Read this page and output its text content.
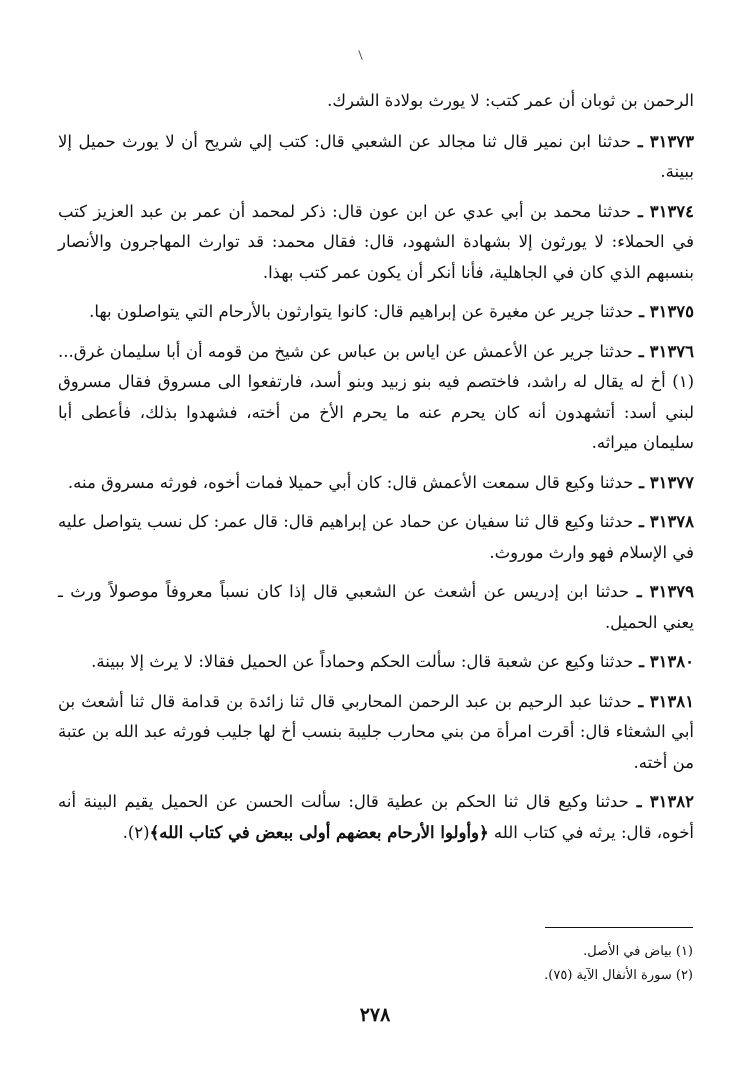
الرحمن بن ثوبان أن عمر كتب: لا يورث بولادة الشرك.

٣١٣٧٣ ـ حدثنا ابن نمير قال ثنا مجالد عن الشعبي قال: كتب إلي شريح أن لا يورث حميل إلا ببينة.

٣١٣٧٤ ـ حدثنا محمد بن أبي عدي عن ابن عون قال: ذكر لمحمد أن عمر بن عبد العزيز كتب في الحملاء: لا يورثون إلا بشهادة الشهود، قال: فقال محمد: قد توارث المهاجرون والأنصار بنسبهم الذي كان في الجاهلية، فأنا أنكر أن يكون عمر كتب بهذا.

٣١٣٧٥ ـ حدثنا جرير عن مغيرة عن إبراهيم قال: كانوا يتوارثون بالأرحام التي يتواصلون بها.

٣١٣٧٦ ـ حدثنا جرير عن الأعمش عن اياس بن عباس عن شيخ من قومه أن أبا سليمان غرق... (١) أخ له يقال له راشد، فاختصم فيه بنو زبيد وبنو أسد، فارتفعوا الى مسروق فقال مسروق لبني أسد: أتشهدون أنه كان يحرم عنه ما يحرم الأخ من أخته، فشهدوا بذلك، فأعطى أبا سليمان ميراثه.

٣١٣٧٧ ـ حدثنا وكيع قال سمعت الأعمش قال: كان أبي حميلا فمات أخوه، فورثه مسروق منه.

٣١٣٧٨ ـ حدثنا وكيع قال ثنا سفيان عن حماد عن إبراهيم قال: قال عمر: كل نسب يتواصل عليه في الإسلام فهو وارث موروث.

٣١٣٧٩ ـ حدثنا ابن إدريس عن أشعث عن الشعبي قال إذا كان نسباً معروفاً موصولاً ورث ـ يعني الحميل.

٣١٣٨٠ ـ حدثنا وكيع عن شعبة قال: سألت الحكم وحماداً عن الحميل فقالا: لا يرث إلا ببينة.

٣١٣٨١ ـ حدثنا عبد الرحيم بن عبد الرحمن المحاربي قال ثنا زائدة بن قدامة قال ثنا أشعث بن أبي الشعثاء قال: أقرت امرأة من بني محارب جليبة بنسب أخ لها جليب فورثه عبد الله بن عتبة من أخته.

٣١٣٨٢ ـ حدثنا وكيع قال ثنا الحكم بن عطية قال: سألت الحسن عن الحميل يقيم البينة أنه أخوه، قال: يرثه في كتاب الله ﴿وأولوا الأرحام بعضهم أولى ببعض في كتاب الله﴾(٢).

(١) بياض في الأصل.

(٢) سورة الأنفال الآية (٧٥).

٢٧٨
